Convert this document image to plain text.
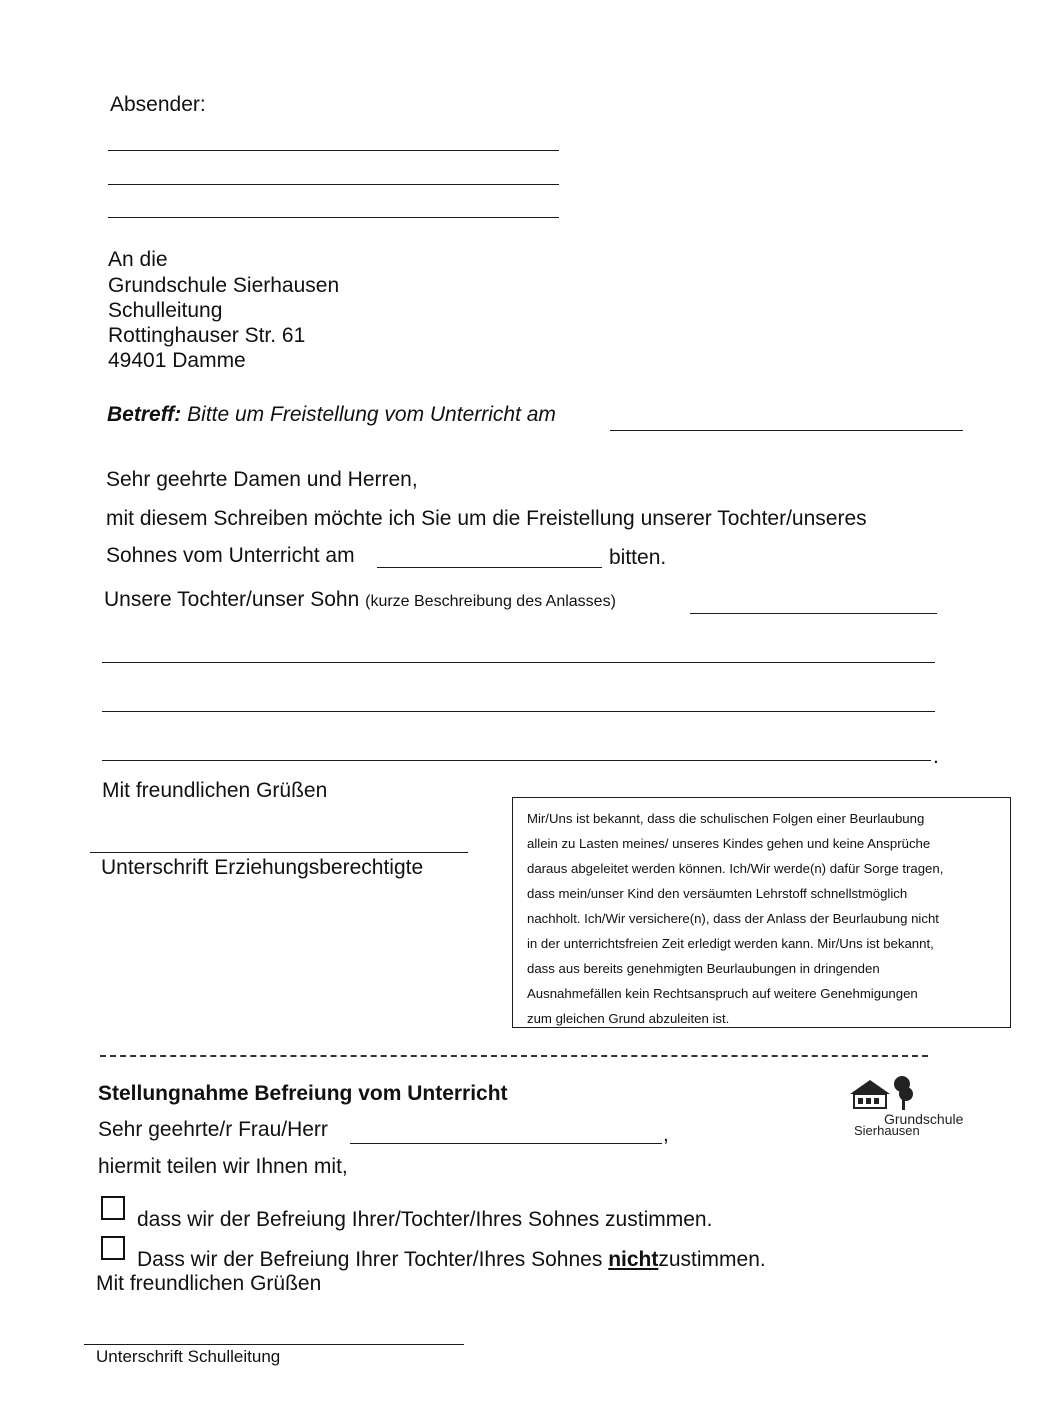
Absender:
An die
Grundschule Sierhausen
Schulleitung
Rottinghauser Str. 61
49401 Damme
Betreff: Bitte um Freistellung vom Unterricht am
Sehr geehrte Damen und Herren,
mit diesem Schreiben möchte ich Sie um die Freistellung unserer Tochter/unseres
Sohnes vom Unterricht am	bitten.
Unsere Tochter/unser Sohn (kurze Beschreibung des Anlasses)
.
Mit freundlichen Grüßen
Unterschrift Erziehungsberechtigte
Mir/Uns ist bekannt, dass die schulischen Folgen einer Beurlaubung
allein zu Lasten meines/ unseres Kindes gehen und keine Ansprüche
daraus abgeleitet werden können. Ich/Wir werde(n) dafür Sorge tragen,
dass mein/unser Kind den versäumten Lehrstoff schnellstmöglich
nachholt. Ich/Wir versichere(n), dass der Anlass der Beurlaubung nicht
in der unterrichtsfreien Zeit erledigt werden kann. Mir/Uns ist bekannt,
dass aus bereits genehmigten Beurlaubungen in dringenden
Ausnahmefällen kein Rechtsanspruch auf weitere Genehmigungen
zum gleichen Grund abzuleiten ist.
Stellungnahme Befreiung vom Unterricht
Grundschule
Sierhausen
Sehr geehrte/r Frau/Herr	,
hiermit teilen wir Ihnen mit,
dass wir der Befreiung Ihrer/Tochter/Ihres Sohnes zustimmen.
Dass wir der Befreiung Ihrer Tochter/Ihres Sohnes nichtzustimmen.
Mit freundlichen Grüßen
Unterschrift Schulleitung
